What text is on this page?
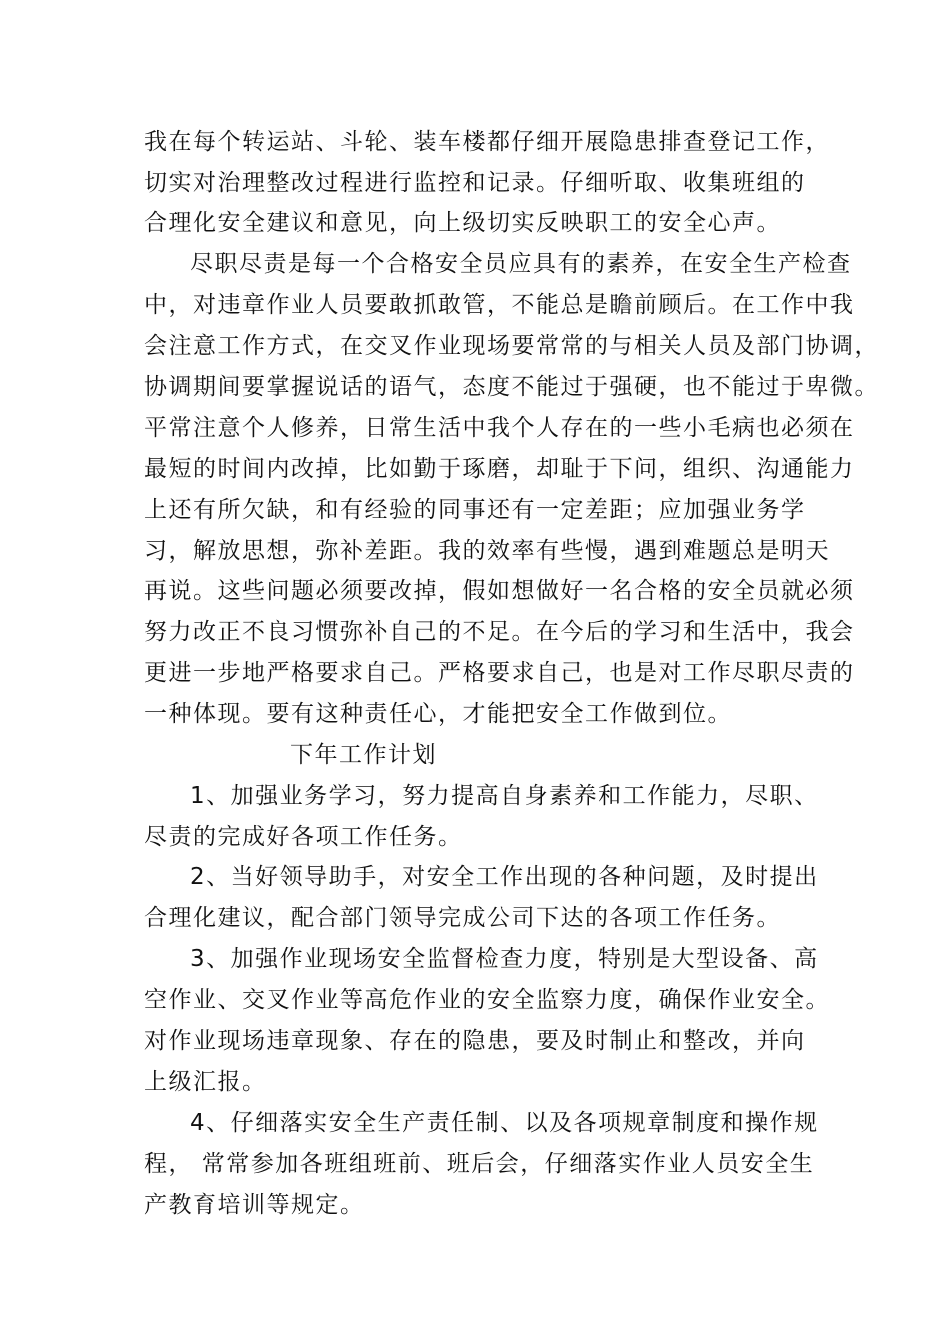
我在每个转运站、斗轮、装车楼都仔细开展隐患排查登记工作，
切实对治理整改过程进行监控和记录。仔细听取、收集班组的
合理化安全建议和意见，向上级切实反映职工的安全心声。
尽职尽责是每一个合格安全员应具有的素养，在安全生产检查
中，对违章作业人员要敢抓敢管，不能总是瞻前顾后。在工作中我
会注意工作方式，在交叉作业现场要常常的与相关人员及部门协调，
协调期间要掌握说话的语气，态度不能过于强硬，也不能过于卑微。
平常注意个人修养，日常生活中我个人存在的一些小毛病也必须在
最短的时间内改掉，比如勤于琢磨，却耻于下问，组织、沟通能力
上还有所欠缺，和有经验的同事还有一定差距；应加强业务学
习，解放思想，弥补差距。我的效率有些慢，遇到难题总是明天
再说。这些问题必须要改掉，假如想做好一名合格的安全员就必须
努力改正不良习惯弥补自己的不足。在今后的学习和生活中，我会
更进一步地严格要求自己。严格要求自己，也是对工作尽职尽责的
一种体现。要有这种责任心，才能把安全工作做到位。
下年工作计划
1、加强业务学习，努力提高自身素养和工作能力，尽职、
尽责的完成好各项工作任务。
2、当好领导助手，对安全工作出现的各种问题，及时提出
合理化建议，配合部门领导完成公司下达的各项工作任务。
3、加强作业现场安全监督检查力度，特别是大型设备、高
空作业、交叉作业等高危作业的安全监察力度，确保作业安全。
对作业现场违章现象、存在的隐患，要及时制止和整改，并向
上级汇报。
4、仔细落实安全生产责任制、以及各项规章制度和操作规
程， 常常参加各班组班前、班后会，仔细落实作业人员安全生
产教育培训等规定。
